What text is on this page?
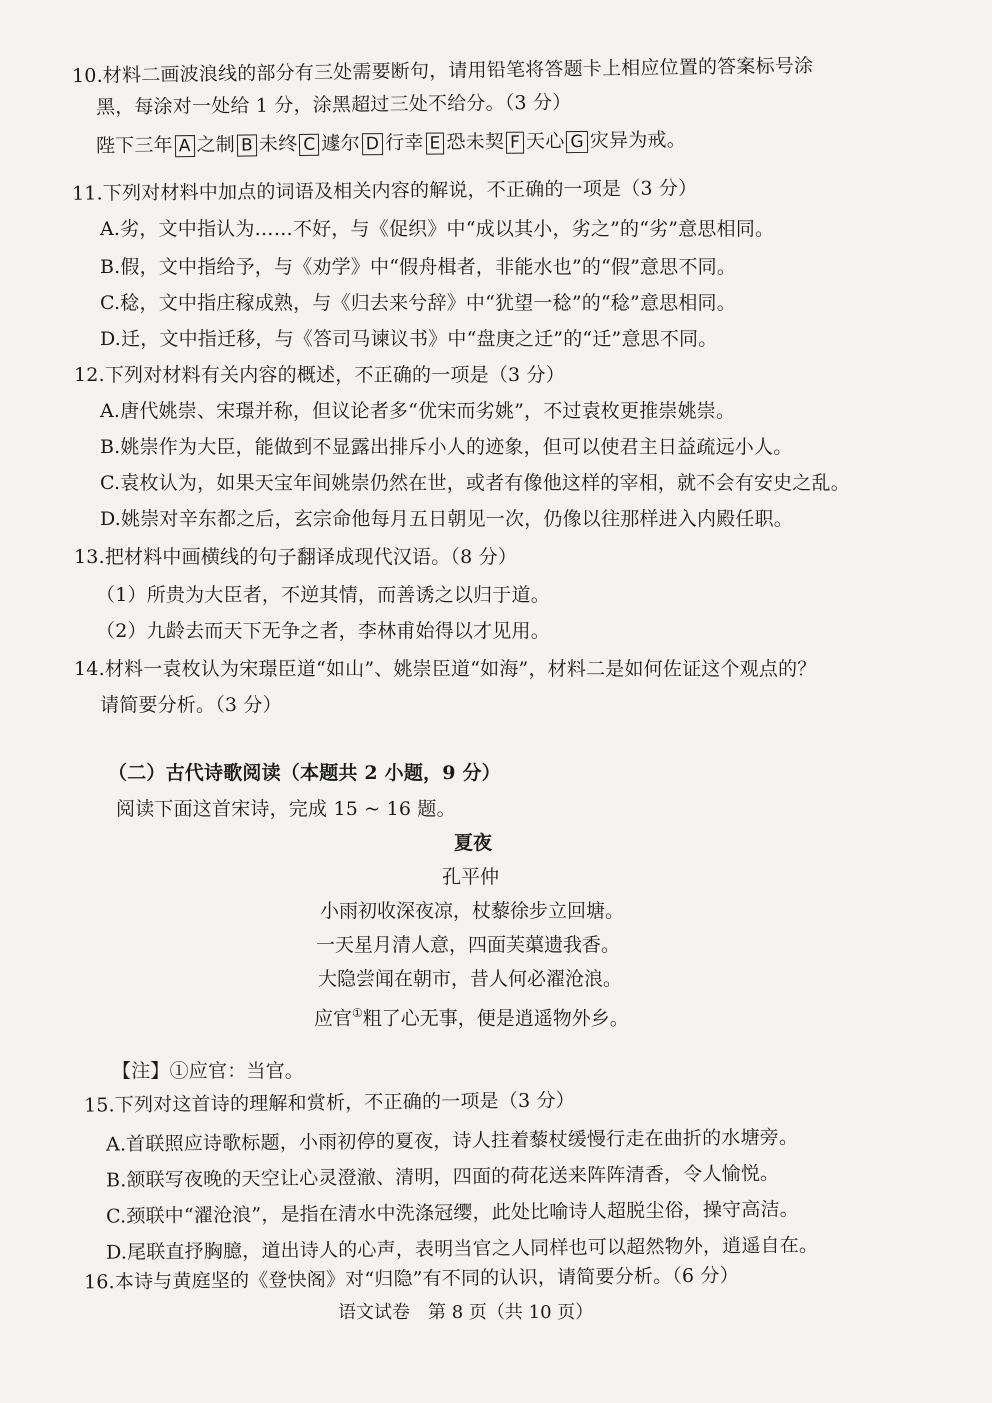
10.材料二画波浪线的部分有三处需要断句，请用铅笔将答题卡上相应位置的答案标号涂
黑，每涂对一处给 1 分，涂黑超过三处不给分。（3 分）
陛下三年 A 之制 B 未终 C 遽尔 D 行幸 E 恐未契 F 天心 G 灾异为戒。
11.下列对材料中加点的词语及相关内容的解说，不正确的一项是（3 分）
A.劣，文中指认为……不好，与《促织》中“成以其小，劣之”的“劣”意思相同。
B.假，文中指给予，与《劝学》中“假舟楫者，非能水也”的“假”意思不同。
C.稔，文中指庄稼成熟，与《归去来兮辞》中“犹望一稔”的“稔”意思相同。
D.迁，文中指迁移，与《答司马谏议书》中“盘庚之迁”的“迁”意思不同。
12.下列对材料有关内容的概述，不正确的一项是（3 分）
A.唐代姚崇、宋璟并称，但议论者多“优宋而劣姚”，不过袁枚更推崇姚崇。
B.姚崇作为大臣，能做到不显露出排斥小人的迹象，但可以使君主日益疏远小人。
C.袁枚认为，如果天宝年间姚崇仍然在世，或者有像他这样的宰相，就不会有安史之乱。
D.姚崇对辛东都之后，玄宗命他每月五日朝见一次，仍像以往那样进入内殿任职。
13.把材料中画横线的句子翻译成现代汉语。（8 分）
（1）所贵为大臣者，不逆其情，而善诱之以归于道。
（2）九龄去而天下无争之者，李林甫始得以才见用。
14.材料一袁枚认为宋璟臣道“如山”、姚崇臣道“如海”，材料二是如何佐证这个观点的？
请简要分析。（3 分）
（二）古代诗歌阅读（本题共 2 小题，9 分）
阅读下面这首宋诗，完成 15 ~ 16 题。
夏夜
孔平仲
小雨初收深夜凉，杖藜徐步立回塘。
一天星月清人意，四面芙蕖遗我香。
大隐尝闻在朝市，昔人何必濯沧浪。
应官①粗了心无事，便是逍遥物外乡。
【注】①应官：当官。
15.下列对这首诗的理解和赏析，不正确的一项是（3 分）
A.首联照应诗歌标题，小雨初停的夏夜，诗人拄着藜杖缓慢行走在曲折的水塘旁。
B.颔联写夜晚的天空让心灵澄澈、清明，四面的荷花送来阵阵清香，令人愉悦。
C.颈联中“濯沧浪”，是指在清水中洗涤冠缨，此处比喻诗人超脱尘俗，操守高洁。
D.尾联直抒胸臆，道出诗人的心声，表明当官之人同样也可以超然物外，逍遥自在。
16.本诗与黄庭坚的《登快阁》对“归隐”有不同的认识，请简要分析。（6 分）
语文试卷　第 8 页（共 10 页）
